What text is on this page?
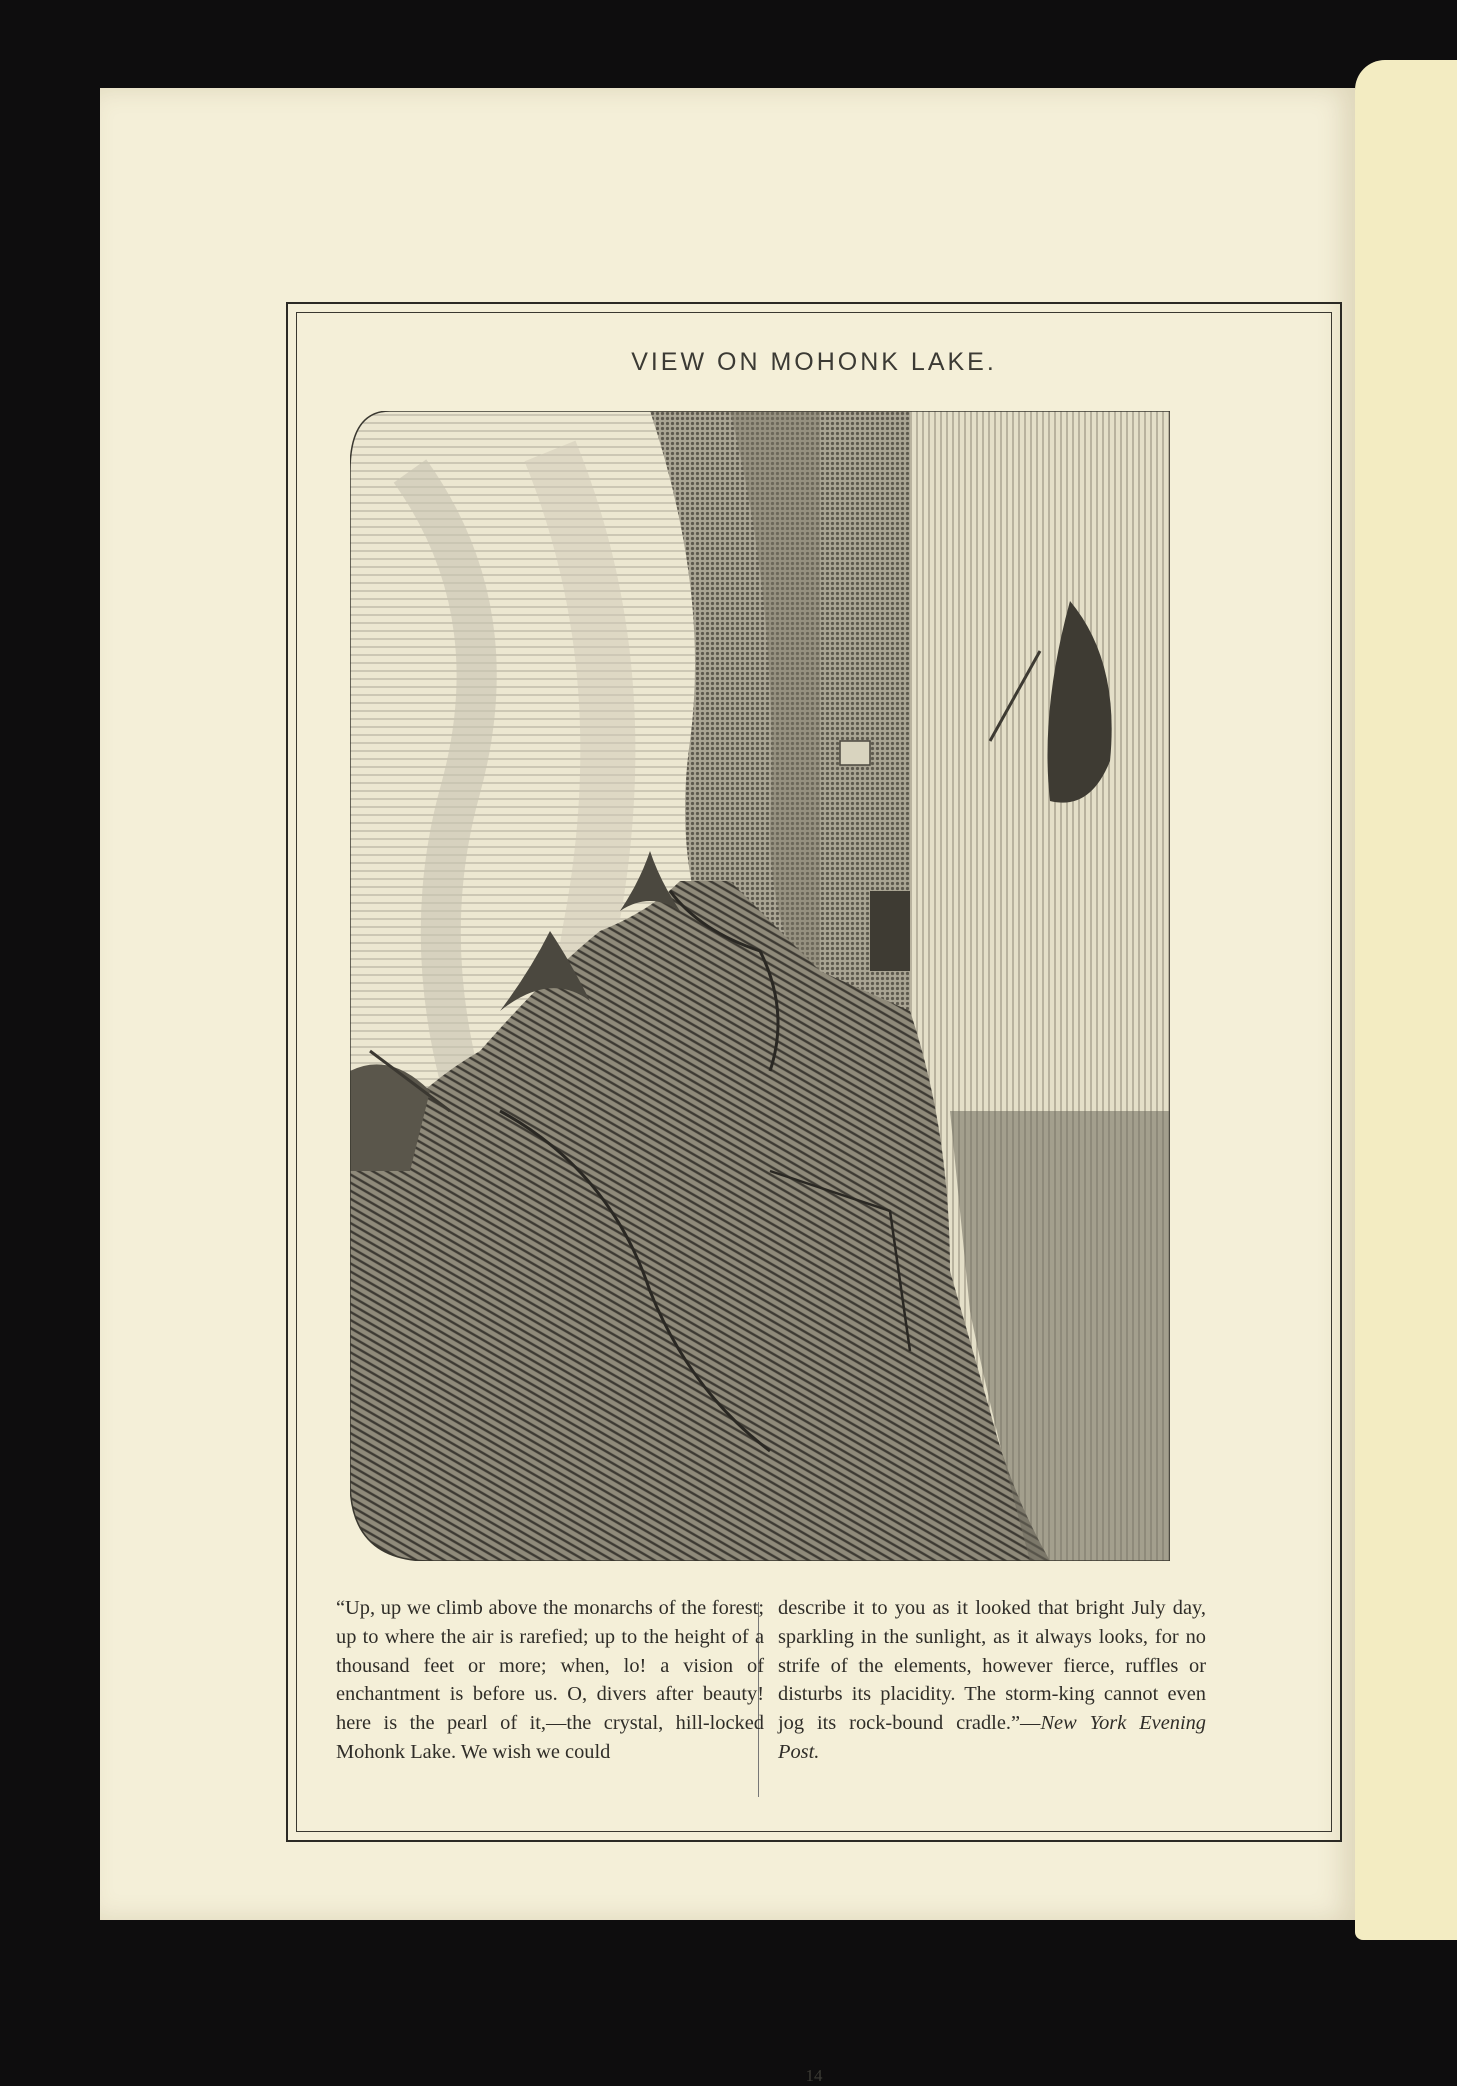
VIEW ON MOHONK LAKE.

“Up, up we climb above the monarchs of the forest; up to where the air is rarefied; up to the height of a thousand feet or more; when, lo! a vision of enchantment is before us. O, divers after beauty! here is the pearl of it,—the crystal, hill-locked Mohonk Lake. We wish we could

describe it to you as it looked that bright July day, sparkling in the sunlight, as it always looks, for no strife of the elements, however fierce, ruffles or disturbs its placidity. The storm-king cannot even jog its rock-bound cradle.”—New York Evening Post.

14
